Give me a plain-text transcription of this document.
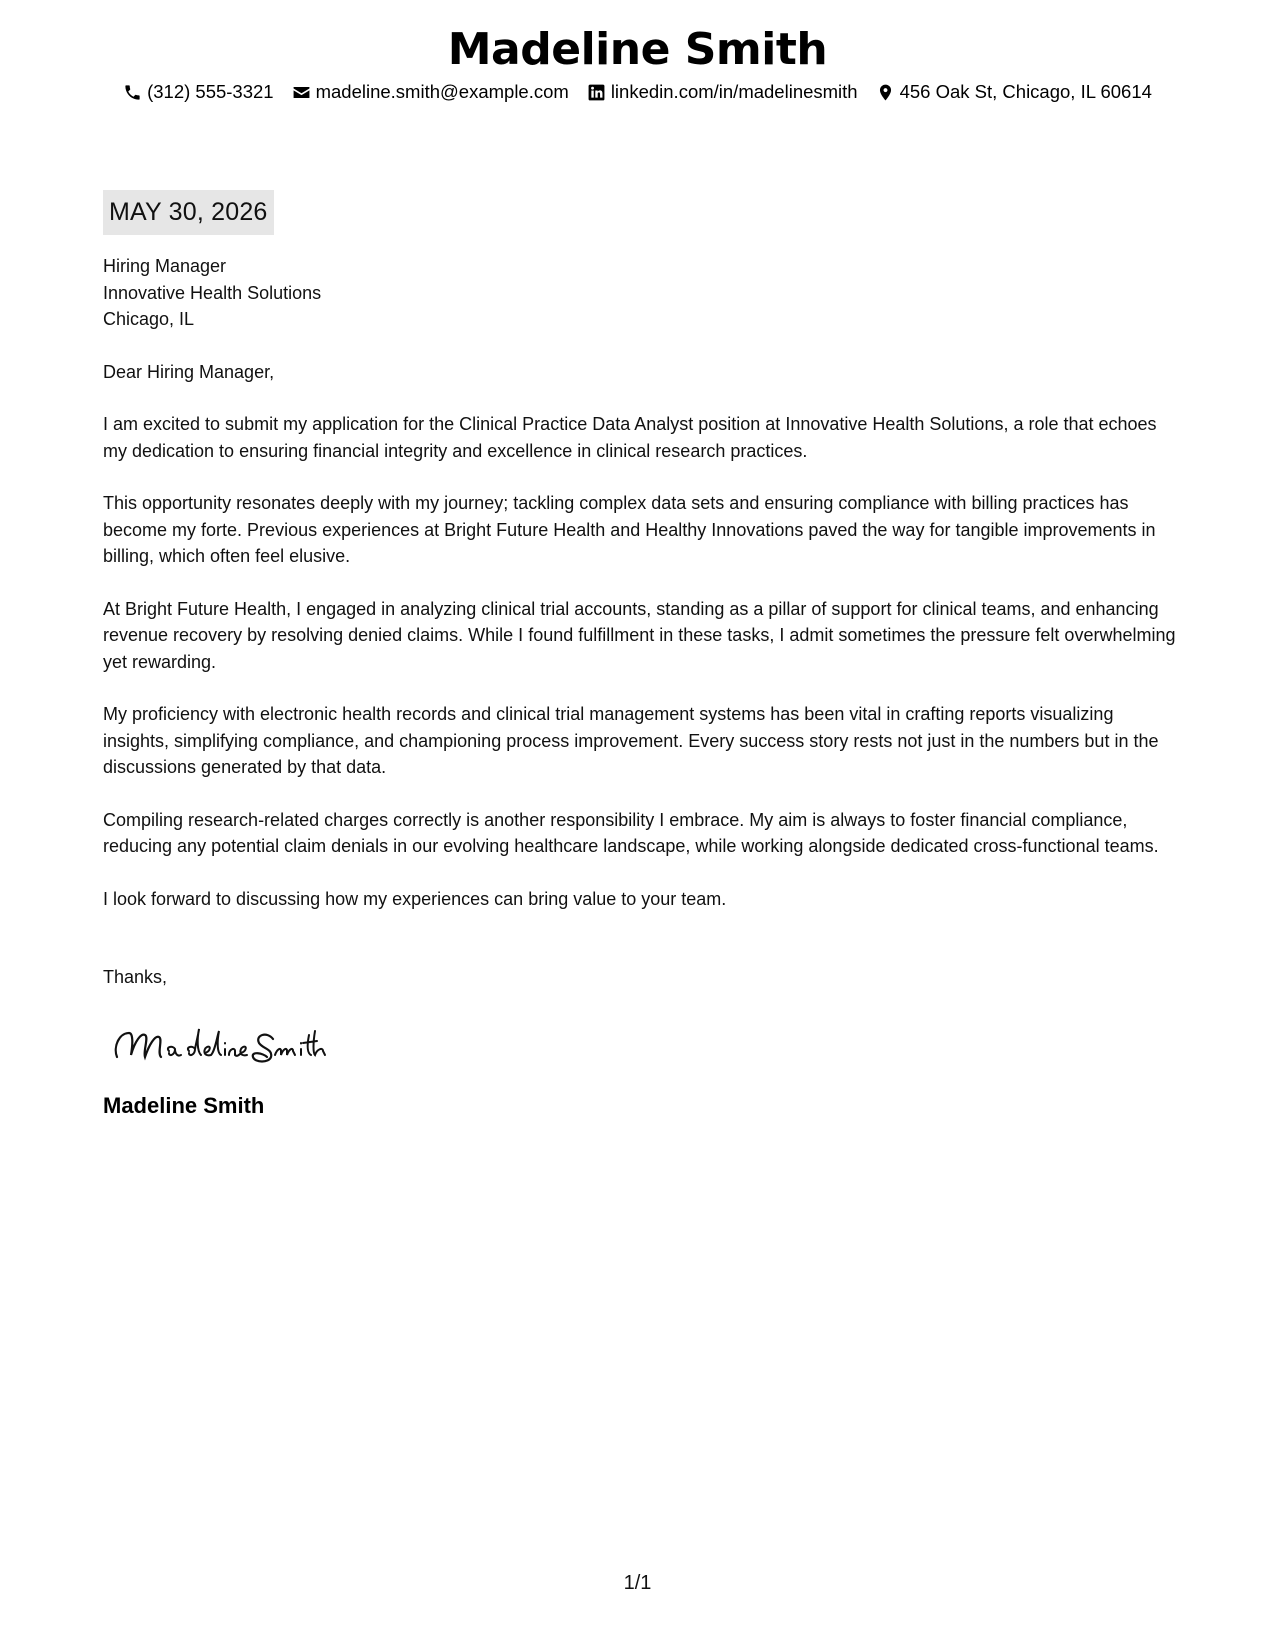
Madeline Smith
(312) 555-3321 madeline.smith@example.com linkedin.com/in/madelinesmith 456 Oak St, Chicago, IL 60614
MAY 30, 2026

Hiring Manager

Innovative Health Solutions

Chicago, IL

Dear Hiring Manager,

I am excited to submit my application for the Clinical Practice Data Analyst position at Innovative Health Solutions, a role that echoes my dedication to ensuring financial integrity and excellence in clinical research practices.

This opportunity resonates deeply with my journey; tackling complex data sets and ensuring compliance with billing practices has become my forte. Previous experiences at Bright Future Health and Healthy Innovations paved the way for tangible improvements in billing, which often feel elusive.

At Bright Future Health, I engaged in analyzing clinical trial accounts, standing as a pillar of support for clinical teams, and enhancing revenue recovery by resolving denied claims. While I found fulfillment in these tasks, I admit sometimes the pressure felt overwhelming yet rewarding.

My proficiency with electronic health records and clinical trial management systems has been vital in crafting reports visualizing insights, simplifying compliance, and championing process improvement. Every success story rests not just in the numbers but in the discussions generated by that data.

Compiling research-related charges correctly is another responsibility I embrace. My aim is always to foster financial compliance, reducing any potential claim denials in our evolving healthcare landscape, while working alongside dedicated cross-functional teams.

I look forward to discussing how my experiences can bring value to your team.

Thanks,

Madeline Smith
1/1
